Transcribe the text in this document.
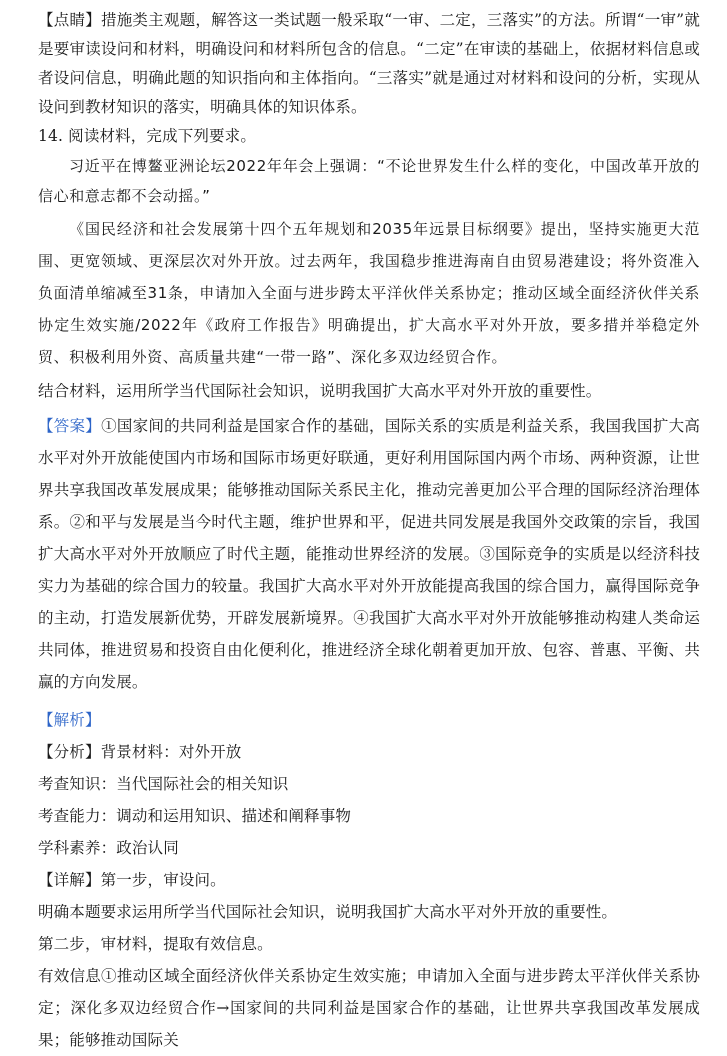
【点睛】措施类主观题，解答这一类试题一般采取“一审、二定，三落实”的方法。所谓“一审”就是要审读设问和材料，明确设问和材料所包含的信息。“二定”在审读的基础上，依据材料信息或者设问信息，明确此题的知识指向和主体指向。“三落实”就是通过对材料和设问的分析，实现从设问到教材知识的落实，明确具体的知识体系。

14. 阅读材料，完成下列要求。

习近平在博鳌亚洲论坛2022年年会上强调：“不论世界发生什么样的变化，中国改革开放的信心和意志都不会动摇。”

《国民经济和社会发展第十四个五年规划和2035年远景目标纲要》提出，坚持实施更大范围、更宽领域、更深层次对外开放。过去两年，我国稳步推进海南自由贸易港建设；将外资准入负面清单缩减至31条，申请加入全面与进步跨太平洋伙伴关系协定；推动区域全面经济伙伴关系协定生效实施/2022年《政府工作报告》明确提出，扩大高水平对外开放，要多措并举稳定外贸、积极利用外资、高质量共建“一带一路”、深化多双边经贸合作。

结合材料，运用所学当代国际社会知识，说明我国扩大高水平对外开放的重要性。

【答案】①国家间的共同利益是国家合作的基础，国际关系的实质是利益关系，我国我国扩大高水平对外开放能使国内市场和国际市场更好联通，更好利用国际国内两个市场、两种资源，让世界共享我国改革发展成果；能够推动国际关系民主化，推动完善更加公平合理的国际经济治理体系。②和平与发展是当今时代主题，维护世界和平，促进共同发展是我国外交政策的宗旨，我国扩大高水平对外开放顺应了时代主题，能推动世界经济的发展。③国际竞争的实质是以经济科技实力为基础的综合国力的较量。我国扩大高水平对外开放能提高我国的综合国力，赢得国际竞争的主动，打造发展新优势，开辟发展新境界。④我国扩大高水平对外开放能够推动构建人类命运共同体，推进贸易和投资自由化便利化，推进经济全球化朝着更加开放、包容、普惠、平衡、共赢的方向发展。

【解析】

【分析】背景材料：对外开放

考查知识：当代国际社会的相关知识

考查能力：调动和运用知识、描述和阐释事物

学科素养：政治认同

【详解】第一步，审设问。

明确本题要求运用所学当代国际社会知识，说明我国扩大高水平对外开放的重要性。

第二步，审材料，提取有效信息。

有效信息①推动区域全面经济伙伴关系协定生效实施；申请加入全面与进步跨太平洋伙伴关系协定；深化多双边经贸合作→国家间的共同利益是国家合作的基础，让世界共享我国改革发展成果；能够推动国际关
